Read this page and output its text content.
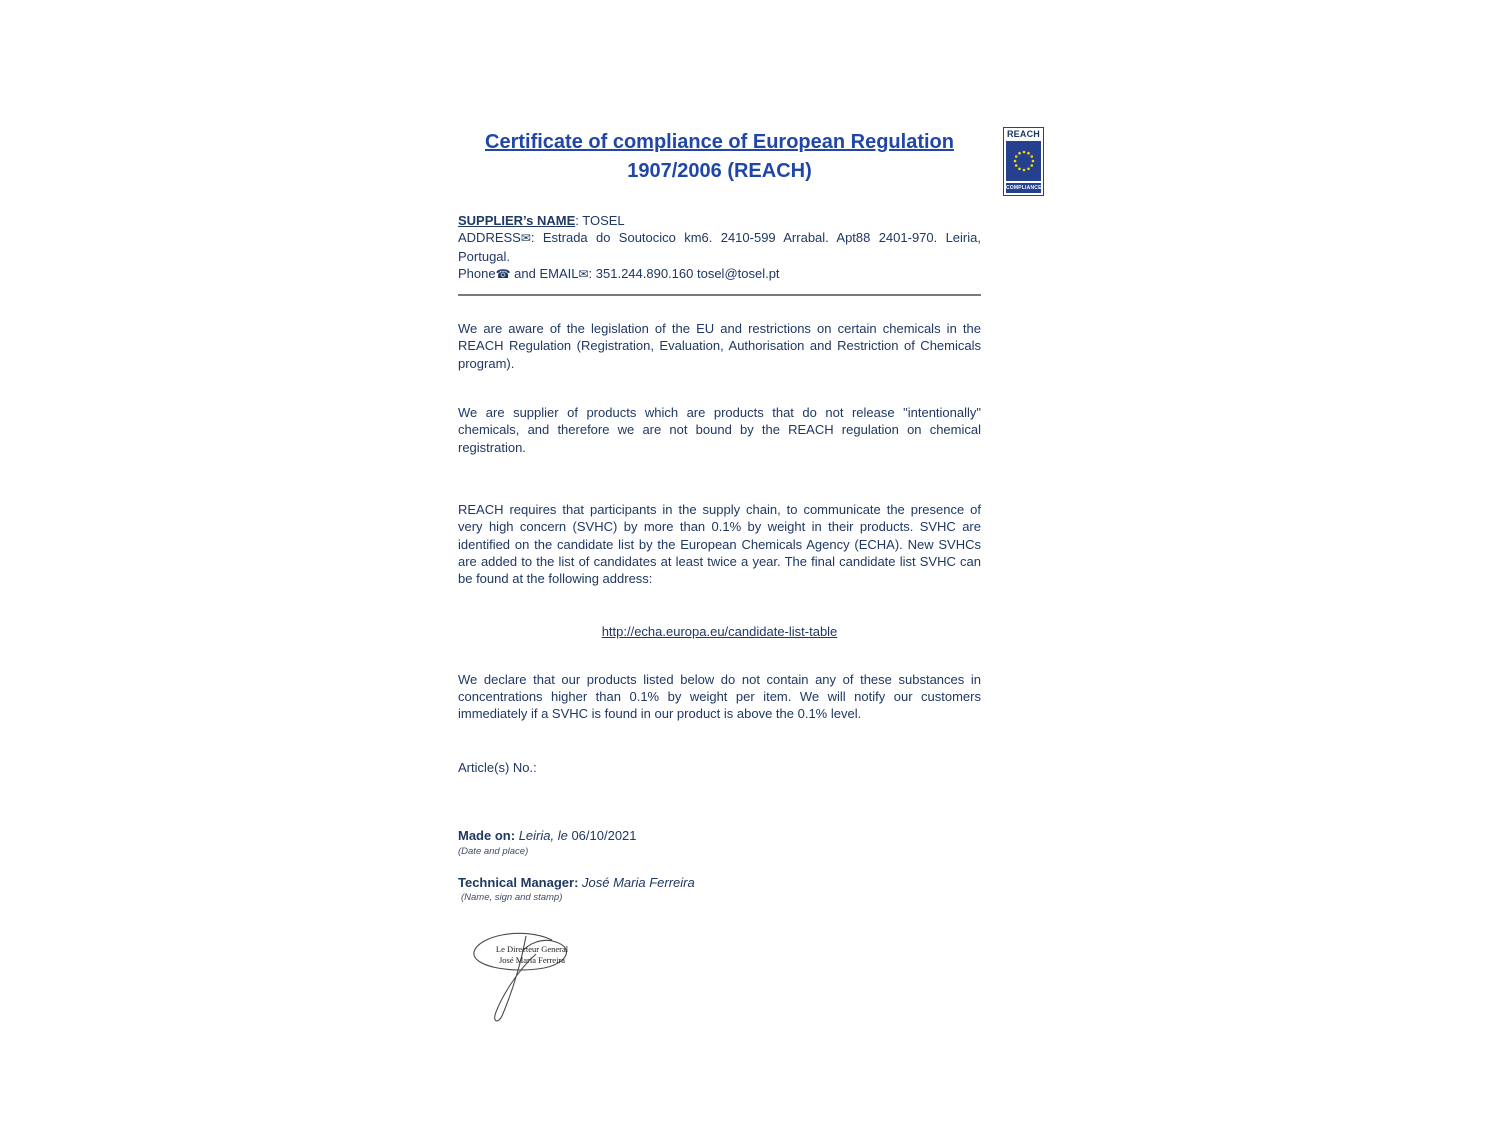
REACH
COMPLIANCE
Certificate of compliance of European Regulation
1907/2006 (REACH)

SUPPLIER’s NAME: TOSEL

ADDRESS✉: Estrada do Soutocico km6. 2410-599 Arrabal. Apt88 2401-970. Leiria, Portugal.

Phone☎ and EMAIL✉: 351.244.890.160 tosel@tosel.pt

We are aware of the legislation of the EU and restrictions on certain chemicals in the REACH Regulation (Registration, Evaluation, Authorisation and Restriction of Chemicals program).

We are supplier of products which are products that do not release "intentionally" chemicals, and therefore we are not bound by the REACH regulation on chemical registration.

REACH requires that participants in the supply chain, to communicate the presence of very high concern (SVHC) by more than 0.1% by weight in their products. SVHC are identified on the candidate list by the European Chemicals Agency (ECHA). New SVHCs are added to the list of candidates at least twice a year. The final candidate list SVHC can be found at the following address:

http://echa.europa.eu/candidate-list-table

We declare that our products listed below do not contain any of these substances in concentrations higher than 0.1% by weight per item. We will notify our customers immediately if a SVHC is found in our product is above the 0.1% level.

Article(s) No.:

Made on: Leiria, le 06/10/2021

(Date and place)

Technical Manager: José Maria Ferreira

(Name, sign and stamp)

Le Directeur General
José Maria Ferreira
